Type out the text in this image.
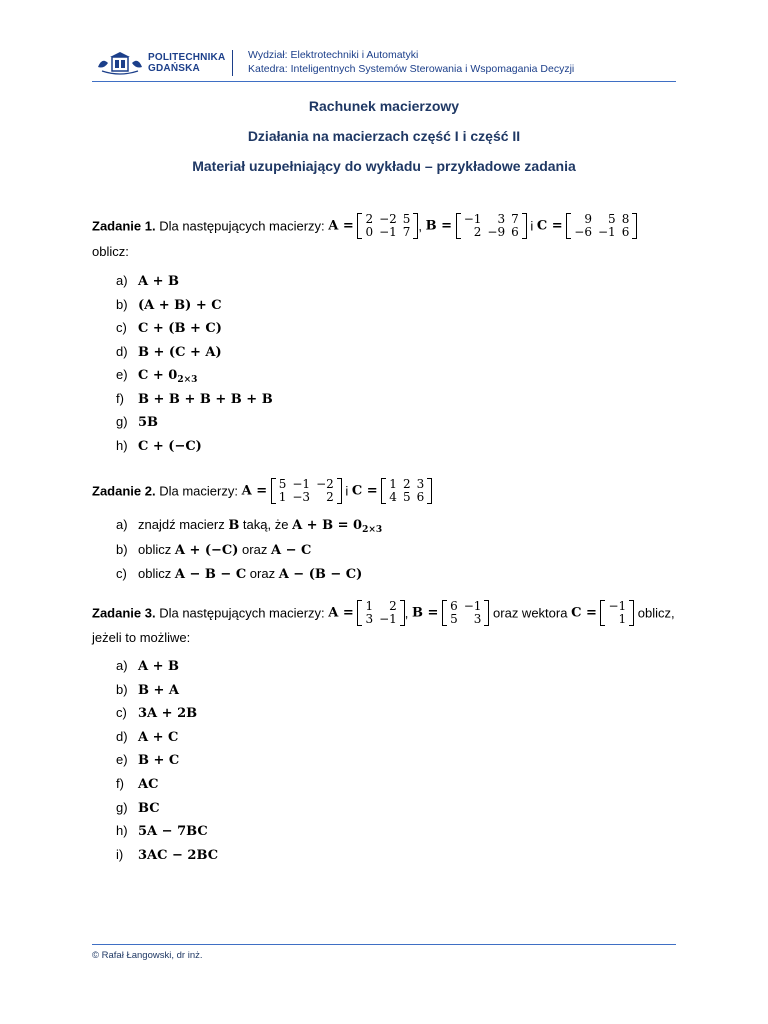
POLITECHNIKA
GDAŃSKA
Wydział: Elektrotechniki i Automatyki
Katedra: Inteligentnych Systemów Sterowania i Wspomagania Decyzji
Rachunek macierzowy
Działania na macierzach część I i część II
Materiał uzupełniający do wykładu – przykładowe zadania
Zadanie 1. Dla następujących macierzy: A = 2	−2	5
0	−1	7 , B = −1	3	7
2	−9	6 i C = 9	5	8
−6	−1	6
oblicz:
a) A + B
b) (A + B) + C
c) C + (B + C)
d) B + (C + A)
e) $C + 0_{2\times 3}$
f) B + B + B + B + B
g) 5B
h) C + (−C)
Zadanie 2. Dla macierzy: A = 5	−1	−2
1	−3	2 i C = 1	2	3
4	5	6
a) znajdź macierz B taką, że $A + B = 0_{2\times 3}$
b) oblicz A + (−C) oraz A − C
c) oblicz A − B − C oraz A − (B − C)
Zadanie 3. Dla następujących macierzy: A = 1	2
3	−1 , B = 6	−1
5	3 oraz wektora C = −1
1 oblicz,
jeżeli to możliwe:
a) A + B
b) B + A
c) 3A + 2B
d) A + C
e) B + C
f) AC
g) BC
h) 5A − 7BC
i) 3AC − 2BC
© Rafał Łangowski, dr inż.
